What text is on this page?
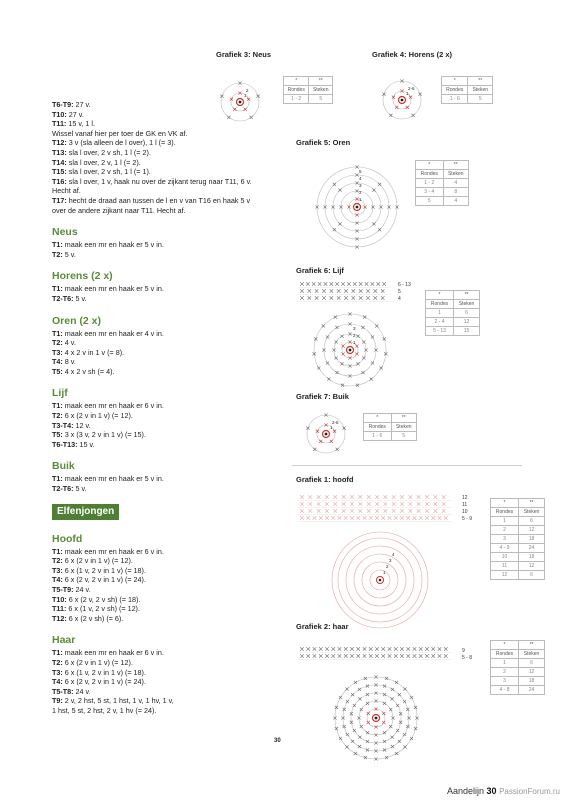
T6-T9: 27 v.

T10: 27 v.

T11: 15 v, 1 l.

Wissel vanaf hier per toer de GK en VK af.

T12: 3 v (sla alleen de l over), 1 l (= 3).

T13: sla l over, 2 v sh, 1 l (= 2).

T14: sla l over, 2 v, 1 l (= 2).

T15: sla l over, 2 v sh, 1 l (= 1).

T16: sla l over, 1 v, haak nu over de zijkant terug naar T11, 6 v.

Hecht af.

T17: hecht de draad aan tussen de l en v van T16 en haak 5 v

over de andere zijkant naar T11. Hecht af.

Neus

T1: maak een mr en haak er 5 v in.

T2: 5 v.

Horens (2 x)

T1: maak een mr en haak er 5 v in.

T2-T6: 5 v.

Oren (2 x)

T1: maak een mr en haak er 4 v in.

T2: 4 v.

T3: 4 x 2 v in 1 v (= 8).

T4: 8 v.

T5: 4 x 2 v sh (= 4).

Lijf

T1: maak een mr en haak er 6 v in.

T2: 6 x (2 v in 1 v) (= 12).

T3-T4: 12 v.

T5: 3 x (3 v, 2 v in 1 v) (= 15).

T6-T13: 15 v.

Buik

T1: maak een mr en haak er 5 v in.

T2-T6: 5 v.

Elfenjongen
Hoofd

T1: maak een mr en haak er 6 v in.

T2: 6 x (2 v in 1 v) (= 12).

T3: 6 x (1 v, 2 v in 1 v) (= 18).

T4: 6 x (2 v, 2 v in 1 v) (= 24).

T5-T9: 24 v.

T10: 6 x (2 v, 2 v sh) (= 18).

T11: 6 x (1 v, 2 v sh) (= 12).

T12: 6 x (2 v sh) (= 6).

Haar

T1: maak een mr en haak er 6 v in.

T2: 6 x (2 v in 1 v) (= 12).

T3: 6 x (1 v, 2 v in 1 v) (= 18).

T4: 6 x (2 v, 2 v in 1 v) (= 24).

T5-T8: 24 v.

T9: 2 v, 2 hst, 5 st, 1 hst, 1 v, 1 hv, 1 v,

1 hst, 5 st, 2 hst, 2 v, 1 hv (= 24).

30
Grafiek 3: Neus	Grafiek 4: Horens (2 x)
Grafiek 5: Oren
Grafiek 6: Lijf
Grafiek 7: Buik
Grafiek 1: hoofd
Grafiek 2: haar
*	**
Rondes	Steken
1 - 2	5
*	**
Rondes	Steken
1 - 6	5
*	**
Rondes	Steken
1 - 2	4
3 - 4	8
5	4
*	**
Rondes	Steken
1	6
2 - 4	12
5 - 13	15
*	**
Rondes	Steken
1 - 6	5
*	**
Rondes	Steken
1	6
2	12
3	18
4 - 9	24
10	18
11	12
12	6
*	**
Rondes	Steken
1	6
2	12
3	18
4 - 8	24
1
2
1
2-6
1
2
3
4
5
1
2-6
1
2
3
1
2
3
4
6 - 13
5
4
12
11
10
5 - 9
9
5 - 8
Aandelijn 30 PassionForum.ru
